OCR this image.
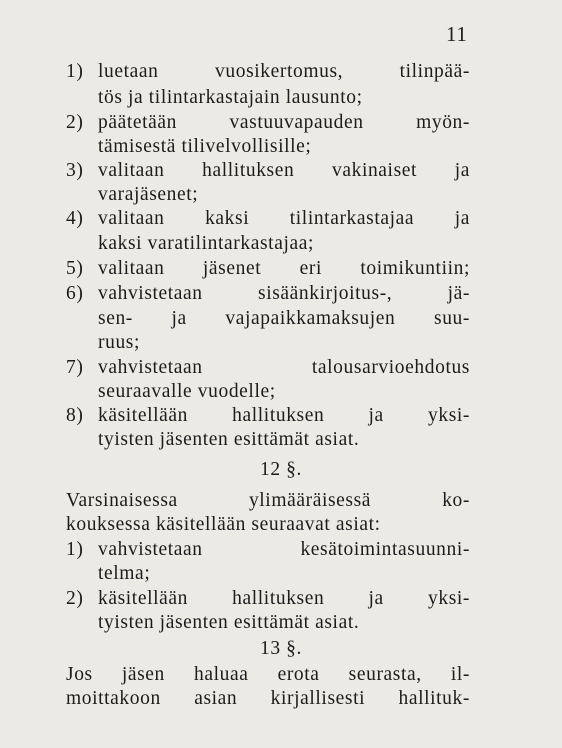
11
1) luetaan	vuosikertomus,	tilinpää-
tös ja tilintarkastajain lausunto;
2) päätetään	vastuuvapauden	myön-
tämisestä tilivelvollisille;
3) valitaan hallituksen vakinaiset ja
varajäsenet;
4) valitaan kaksi tilintarkastajaa ja
kaksi varatilintarkastajaa;
5) valitaan jäsenet eri toimikuntiin;
6) vahvistetaan	sisäänkirjoitus-,	jä-
sen- ja vajapaikkamaksujen suu-
ruus;
7) vahvistetaan	talousarvioehdotus
seuraavalle vuodelle;
8) käsitellään hallituksen ja yksi-
tyisten jäsenten esittämät asiat.
12 §.
Varsinaisessa	ylimääräisessä	ko-
kouksessa käsitellään seuraavat asiat:
1) vahvistetaan	kesätoimintasuunni-
telma;
2) käsitellään hallituksen ja yksi-
tyisten jäsenten esittämät asiat.
13 §.
Jos jäsen haluaa erota seurasta, il-
moittakoon asian kirjallisesti hallituk-
